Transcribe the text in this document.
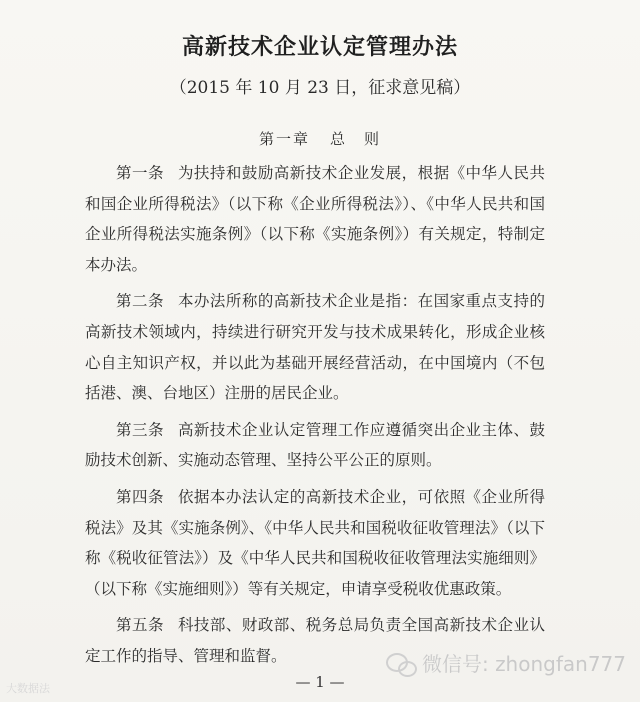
高新技术企业认定管理办法
（2015 年 10 月 23 日，征求意见稿）
第一章 总　则

第一条 为扶持和鼓励高新技术企业发展，根据《中华人民共和国企业所得税法》（以下称《企业所得税法》）、《中华人民共和国企业所得税法实施条例》（以下称《实施条例》）有关规定，特制定本办法。

第二条 本办法所称的高新技术企业是指：在国家重点支持的高新技术领域内，持续进行研究开发与技术成果转化，形成企业核心自主知识产权，并以此为基础开展经营活动，在中国境内（不包括港、澳、台地区）注册的居民企业。

第三条 高新技术企业认定管理工作应遵循突出企业主体、鼓励技术创新、实施动态管理、坚持公平公正的原则。

第四条 依据本办法认定的高新技术企业，可依照《企业所得税法》及其《实施条例》、《中华人民共和国税收征收管理法》（以下称《税收征管法》）及《中华人民共和国税收征收管理法实施细则》（以下称《实施细则》）等有关规定，申请享受税收优惠政策。

第五条 科技部、财政部、税务总局负责全国高新技术企业认定工作的指导、管理和监督。	微信号: zhongfan777
大数据法	— 1 —
